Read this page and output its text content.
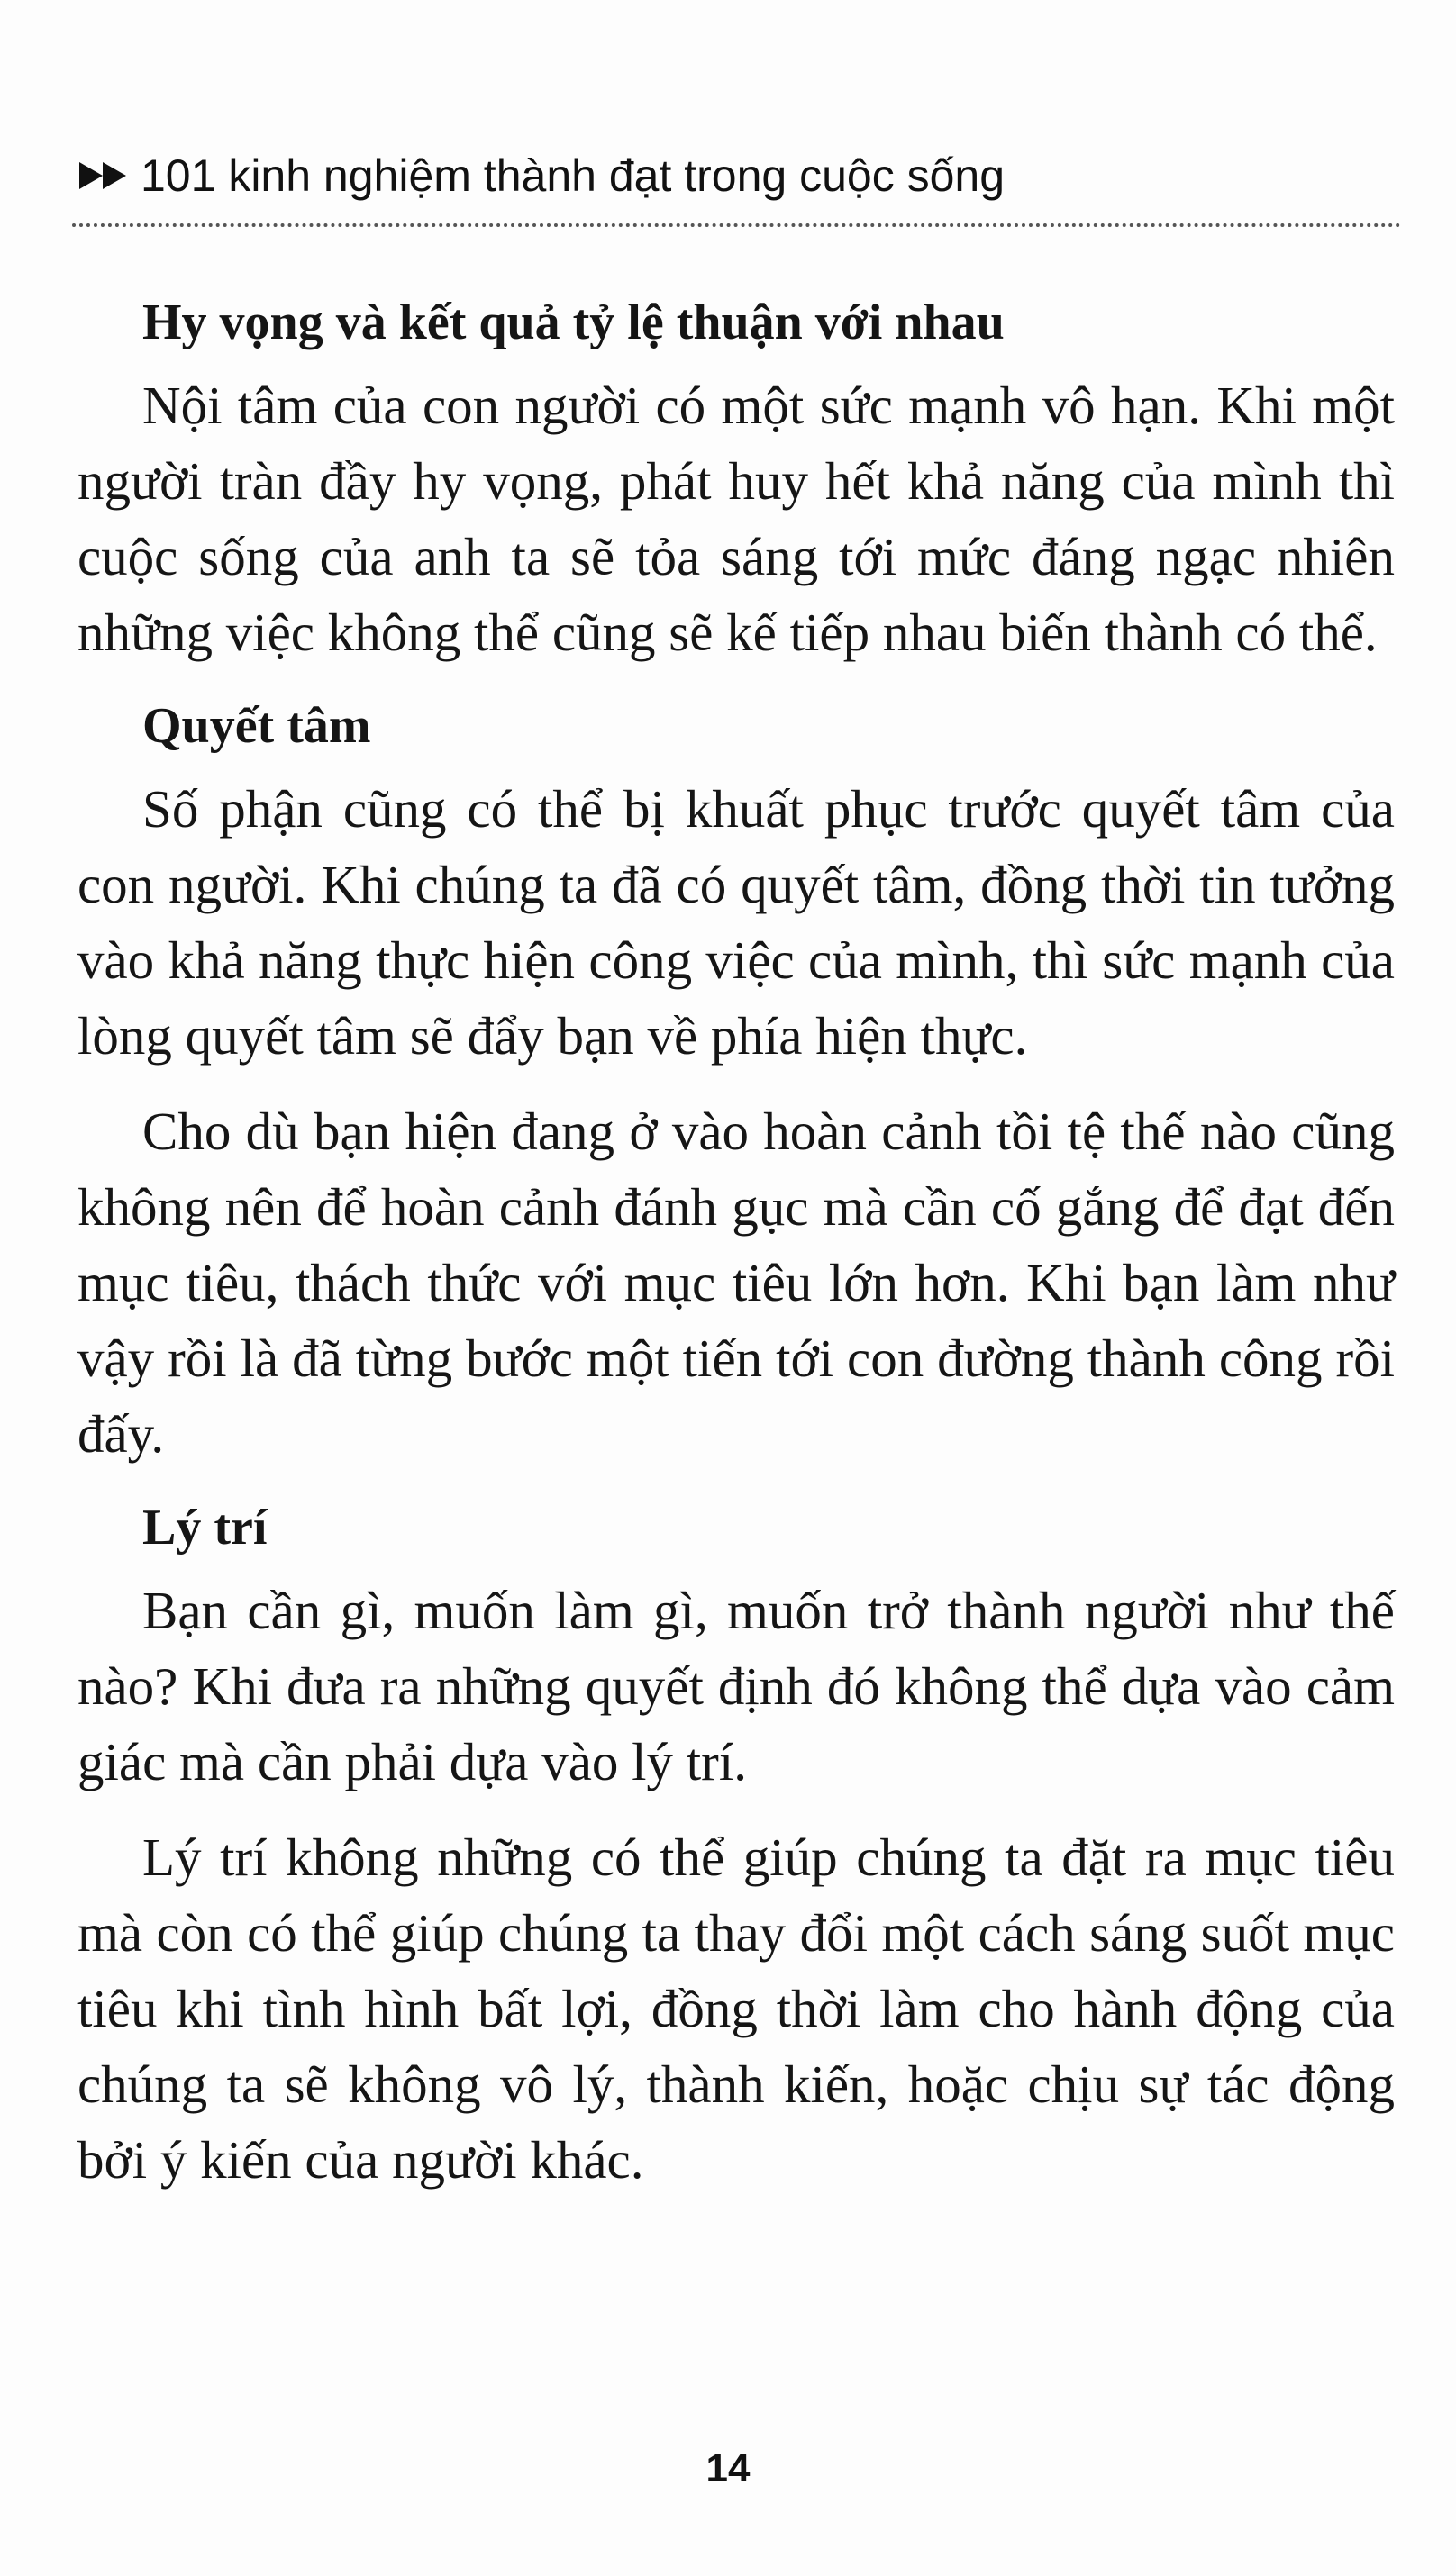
101 kinh nghiệm thành đạt trong cuộc sống
Hy vọng và kết quả tỷ lệ thuận với nhau

Nội tâm của con người có một sức mạnh vô hạn. Khi một người tràn đầy hy vọng, phát huy hết khả năng của mình thì cuộc sống của anh ta sẽ tỏa sáng tới mức đáng ngạc nhiên những việc không thể cũng sẽ kế tiếp nhau biến thành có thể.

Quyết tâm

Số phận cũng có thể bị khuất phục trước quyết tâm của con người. Khi chúng ta đã có quyết tâm, đồng thời tin tưởng vào khả năng thực hiện công việc của mình, thì sức mạnh của lòng quyết tâm sẽ đẩy bạn về phía hiện thực.

Cho dù bạn hiện đang ở vào hoàn cảnh tồi tệ thế nào cũng không nên để hoàn cảnh đánh gục mà cần cố gắng để đạt đến mục tiêu, thách thức với mục tiêu lớn hơn. Khi bạn làm như vậy rồi là đã từng bước một tiến tới con đường thành công rồi đấy.

Lý trí

Bạn cần gì, muốn làm gì, muốn trở thành người như thế nào? Khi đưa ra những quyết định đó không thể dựa vào cảm giác mà cần phải dựa vào lý trí.

Lý trí không những có thể giúp chúng ta đặt ra mục tiêu mà còn có thể giúp chúng ta thay đổi một cách sáng suốt mục tiêu khi tình hình bất lợi, đồng thời làm cho hành động của chúng ta sẽ không vô lý, thành kiến, hoặc chịu sự tác động bởi ý kiến của người khác.

14
